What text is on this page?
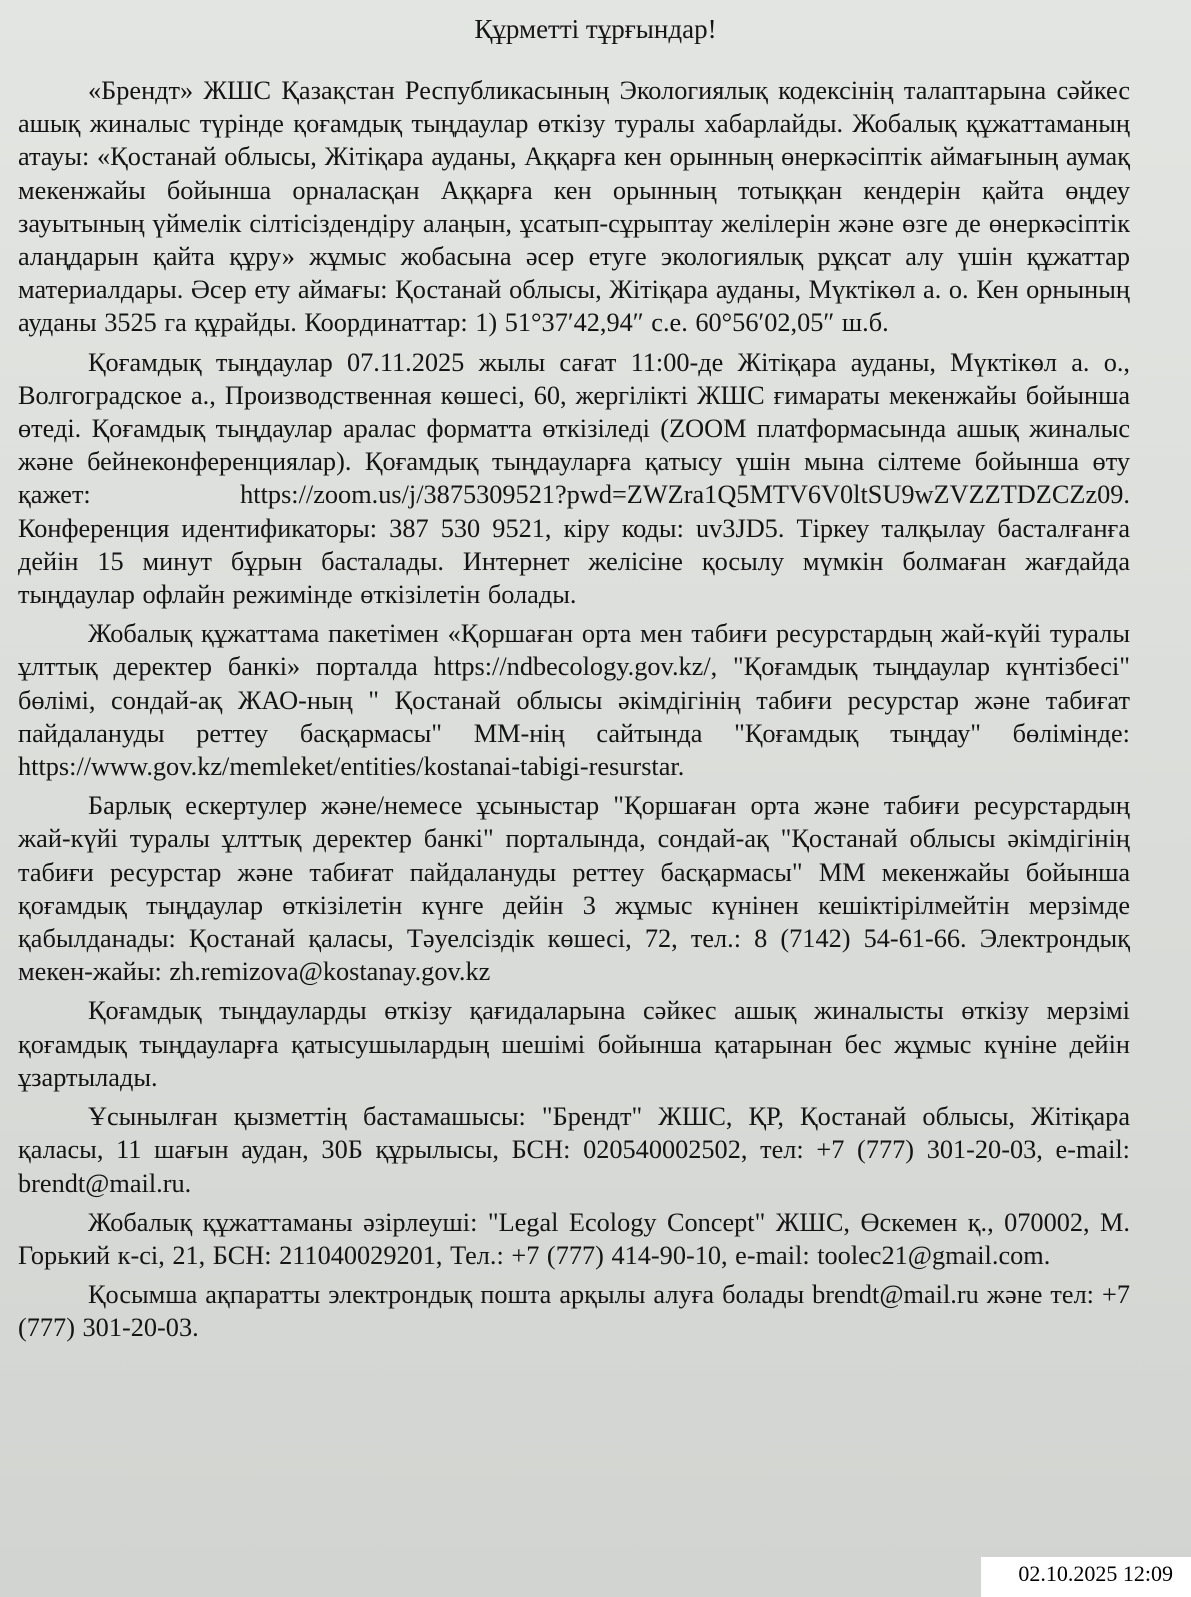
Құрметті тұрғындар!

«Брендт» ЖШС Қазақстан Республикасының Экологиялық кодексінің талаптарына сәйкес ашық жиналыс түрінде қоғамдық тыңдаулар өткізу туралы хабарлайды. Жобалық құжаттаманың атауы: «Қостанай облысы, Жітіқара ауданы, Аққарға кен орынның өнеркәсіптік аймағының аумақ мекенжайы бойынша орналасқан Аққарға кен орынның тотыққан кендерін қайта өңдеу зауытының үймелік сілтісіздендіру алаңын, ұсатып-сұрыптау желілерін және өзге де өнеркәсіптік алаңдарын қайта құру» жұмыс жобасына әсер етуге экологиялық рұқсат алу үшін құжаттар материалдары. Әсер ету аймағы: Қостанай облысы, Жітіқара ауданы, Мүктікөл а. о. Кен орнының ауданы 3525 га құрайды. Координаттар: 1) 51°37′42,94″ с.е. 60°56′02,05″ ш.б.

Қоғамдық тыңдаулар 07.11.2025 жылы сағат 11:00-де Жітіқара ауданы, Мүктікөл а. о., Волгоградское а., Производственная көшесі, 60, жергілікті ЖШС ғимараты мекенжайы бойынша өтеді. Қоғамдық тыңдаулар аралас форматта өткізіледі (ZOOM платформасында ашық жиналыс және бейнеконференциялар). Қоғамдық тыңдауларға қатысу үшін мына сілтеме бойынша өту қажет: https://zoom.us/j/3875309521?pwd=ZWZra1Q5MTV6V0ltSU9wZVZZTDZCZz09. Конференция идентификаторы: 387 530 9521, кіру коды: uv3JD5. Тіркеу талқылау басталғанға дейін 15 минут бұрын басталады. Интернет желісіне қосылу мүмкін болмаған жағдайда тыңдаулар офлайн режимінде өткізілетін болады.

Жобалық құжаттама пакетімен «Қоршаған орта мен табиғи ресурстардың жай-күйі туралы ұлттық деректер банкі» порталда https://ndbecology.gov.kz/, "Қоғамдық тыңдаулар күнтізбесі" бөлімі, сондай-ақ ЖАО-ның " Қостанай облысы әкімдігінің табиғи ресурстар және табиғат пайдалануды реттеу басқармасы" ММ-нің сайтында "Қоғамдық тыңдау" бөлімінде: https://www.gov.kz/memleket/entities/kostanai-tabigi-resurstar.

Барлық ескертулер және/немесе ұсыныстар "Қоршаған орта және табиғи ресурстардың жай-күйі туралы ұлттық деректер банкі" порталында, сондай-ақ "Қостанай облысы әкімдігінің табиғи ресурстар және табиғат пайдалануды реттеу басқармасы" ММ мекенжайы бойынша қоғамдық тыңдаулар өткізілетін күнге дейін 3 жұмыс күнінен кешіктірілмейтін мерзімде қабылданады: Қостанай қаласы, Тәуелсіздік көшесі, 72, тел.: 8 (7142) 54-61-66. Электрондық мекен-жайы: zh.remizova@kostanay.gov.kz

Қоғамдық тыңдауларды өткізу қағидаларына сәйкес ашық жиналысты өткізу мерзімі қоғамдық тыңдауларға қатысушылардың шешімі бойынша қатарынан бес жұмыс күніне дейін ұзартылады.

Ұсынылған қызметтің бастамашысы: "Брендт" ЖШС, ҚР, Қостанай облысы, Жітіқара қаласы, 11 шағын аудан, 30Б құрылысы, БСН: 020540002502, тел: +7 (777) 301-20-03, e-mail: brendt@mail.ru.

Жобалық құжаттаманы әзірлеуші: "Legal Ecology Concept" ЖШС, Өскемен қ., 070002, М. Горький к-сі, 21, БСН: 211040029201, Тел.: +7 (777) 414-90-10, e-mail: toolec21@gmail.com.

Қосымша ақпаратты электрондық пошта арқылы алуға болады brendt@mail.ru және тел: +7 (777) 301-20-03.

02.10.2025 12:09
